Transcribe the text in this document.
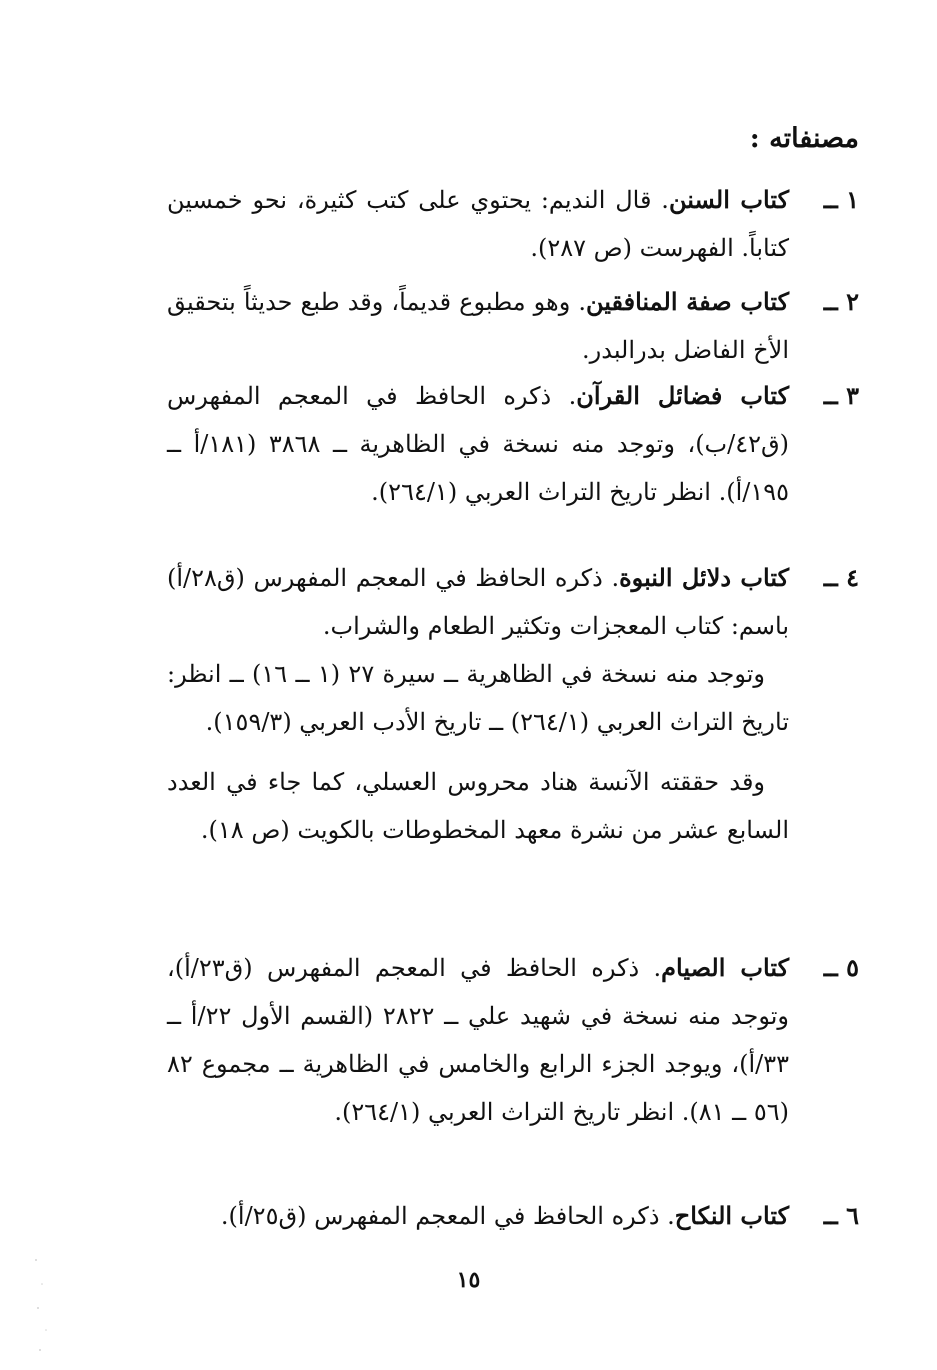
مصنفاته :
١ ــ
كتاب السنن. قال النديم: يحتوي على كتب كثيرة، نحو خمسين كتاباً. الفهرست (ص ٢٨٧).
٢ ــ
كتاب صفة المنافقين. وهو مطبوع قديماً، وقد طبع حديثاً بتحقيق الأخ الفاضل بدرالبدر.
٣ ــ
كتاب فضائل القرآن. ذكره الحافظ في المعجم المفهرس (ق٤٢/ب)، وتوجد منه نسخة في الظاهرية ــ ٣٨٦٨ (١٨١/أ ــ ١٩٥/أ). انظر تاريخ التراث العربي (٢٦٤/١).
٤ ــ
كتاب دلائل النبوة. ذكره الحافظ في المعجم المفهرس (ق٢٨/أ) باسم: كتاب المعجزات وتكثير الطعام والشراب.
وتوجد منه نسخة في الظاهرية ــ سيرة ٢٧ (١ ــ ١٦) ــ انظر: تاريخ التراث العربي (٢٦٤/١) ــ تاريخ الأدب العربي (١٥٩/٣).
وقد حققته الآنسة هناد محروس العسلي، كما جاء في العدد السابع عشر من نشرة معهد المخطوطات بالكويت (ص ١٨).
٥ ــ
كتاب الصيام. ذكره الحافظ في المعجم المفهرس (ق٢٣/أ)، وتوجد منه نسخة في شهيد علي ــ ٢٨٢٢ (القسم الأول ٢٢/أ ــ ٣٣/أ)، ويوجد الجزء الرابع والخامس في الظاهرية ــ مجموع ٨٢ (٥٦ ــ ٨١). انظر تاريخ التراث العربي (٢٦٤/١).
٦ ــ
كتاب النكاح. ذكره الحافظ في المعجم المفهرس (ق٢٥/أ).
١٥
